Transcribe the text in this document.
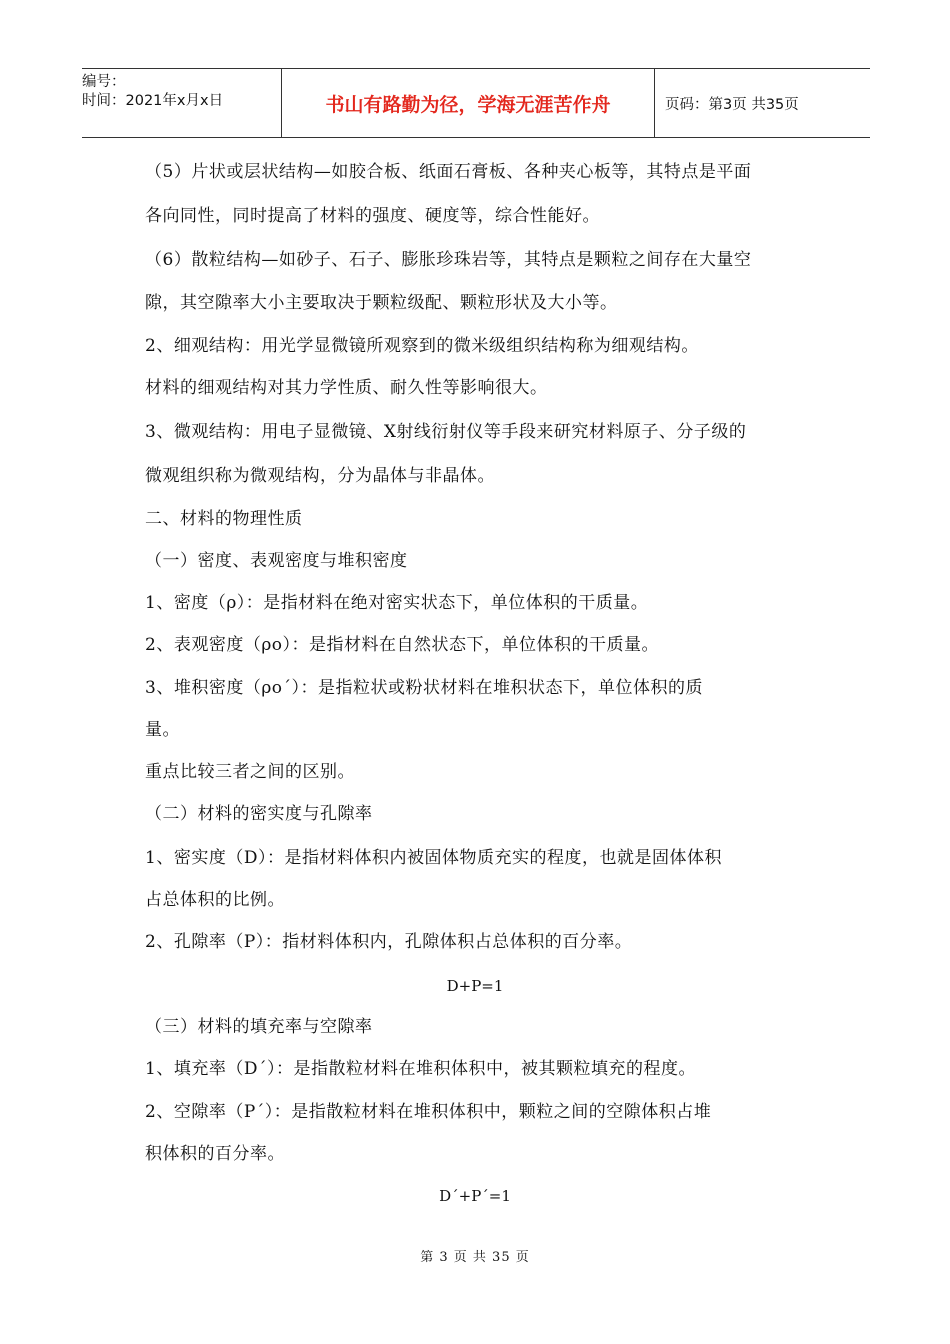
编号：
时间：2021年x月x日	书山有路勤为径，学海无涯苦作舟	页码：第3页 共35页
（5）片状或层状结构—如胶合板、纸面石膏板、各种夹心板等，其特点是平面
各向同性，同时提高了材料的强度、硬度等，综合性能好。
（6）散粒结构—如砂子、石子、膨胀珍珠岩等，其特点是颗粒之间存在大量空
隙，其空隙率大小主要取决于颗粒级配、颗粒形状及大小等。
2、细观结构：用光学显微镜所观察到的微米级组织结构称为细观结构。
材料的细观结构对其力学性质、耐久性等影响很大。
3、微观结构：用电子显微镜、X射线衍射仪等手段来研究材料原子、分子级的
微观组织称为微观结构，分为晶体与非晶体。
二、材料的物理性质
（一）密度、表观密度与堆积密度
1、密度（ρ）：是指材料在绝对密实状态下，单位体积的干质量。
2、表观密度（ρo）：是指材料在自然状态下，单位体积的干质量。
3、堆积密度（ρo´）：是指粒状或粉状材料在堆积状态下，单位体积的质
量。
重点比较三者之间的区别。
（二）材料的密实度与孔隙率
1、密实度（D）：是指材料体积内被固体物质充实的程度，也就是固体体积
占总体积的比例。
2、孔隙率（P）：指材料体积内，孔隙体积占总体积的百分率。
D+P=1
（三）材料的填充率与空隙率
1、填充率（D´）：是指散粒材料在堆积体积中，被其颗粒填充的程度。
2、空隙率（P´）：是指散粒材料在堆积体积中，颗粒之间的空隙体积占堆
积体积的百分率。
D´+P´=1
第 3 页 共 35 页
